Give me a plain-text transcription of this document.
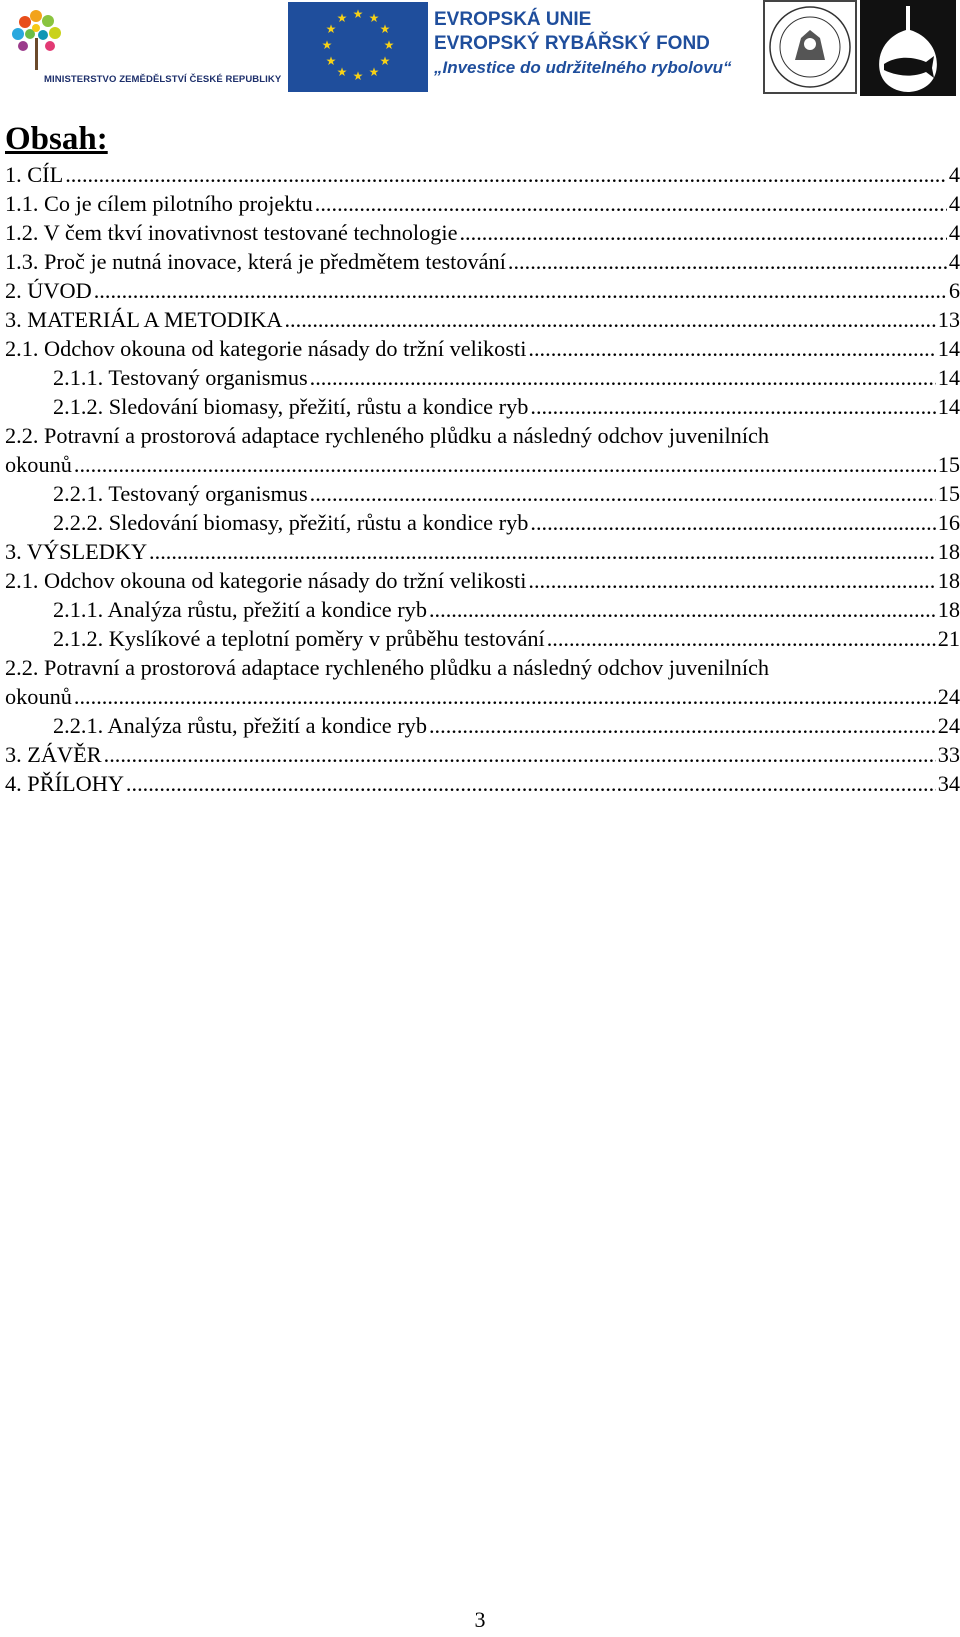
MINISTERSTVO ZEMĚDĚLSTVÍ ČESKÉ REPUBLIKY
★ ★
★
★
★
★
★
★
★
★
★
★	EVROPSKÁ UNIE
EVROPSKÝ RYBÁŘSKÝ FOND
„Investice do udržitelného rybolovu“
Obsah:
1. CÍL .....	4
1.1. Co je cílem pilotního projektu .....	4
1.2. V čem tkví inovativnost testované technologie .....	4
1.3. Proč je nutná inovace, která je předmětem testování .....	4
2. ÚVOD .....	6
3. MATERIÁL A METODIKA .....	13
2.1. Odchov okouna od kategorie násady do tržní velikosti .....	14
2.1.1. Testovaný organismus .....	14
2.1.2. Sledování biomasy, přežití, růstu a kondice ryb .....	14
2.2. Potravní a prostorová adaptace rychleného plůdku a následný odchov juvenilních
okounů .....	15
2.2.1. Testovaný organismus .....	15
2.2.2. Sledování biomasy, přežití, růstu a kondice ryb .....	16
3. VÝSLEDKY .....	18
2.1. Odchov okouna od kategorie násady do tržní velikosti .....	18
2.1.1. Analýza růstu, přežití a kondice ryb .....	18
2.1.2. Kyslíkové a teplotní poměry v průběhu testování .....	21
2.2. Potravní a prostorová adaptace rychleného plůdku a následný odchov juvenilních
okounů .....	24
2.2.1. Analýza růstu, přežití a kondice ryb .....	24
3. ZÁVĚR .....	33
4. PŘÍLOHY .....	34
3
